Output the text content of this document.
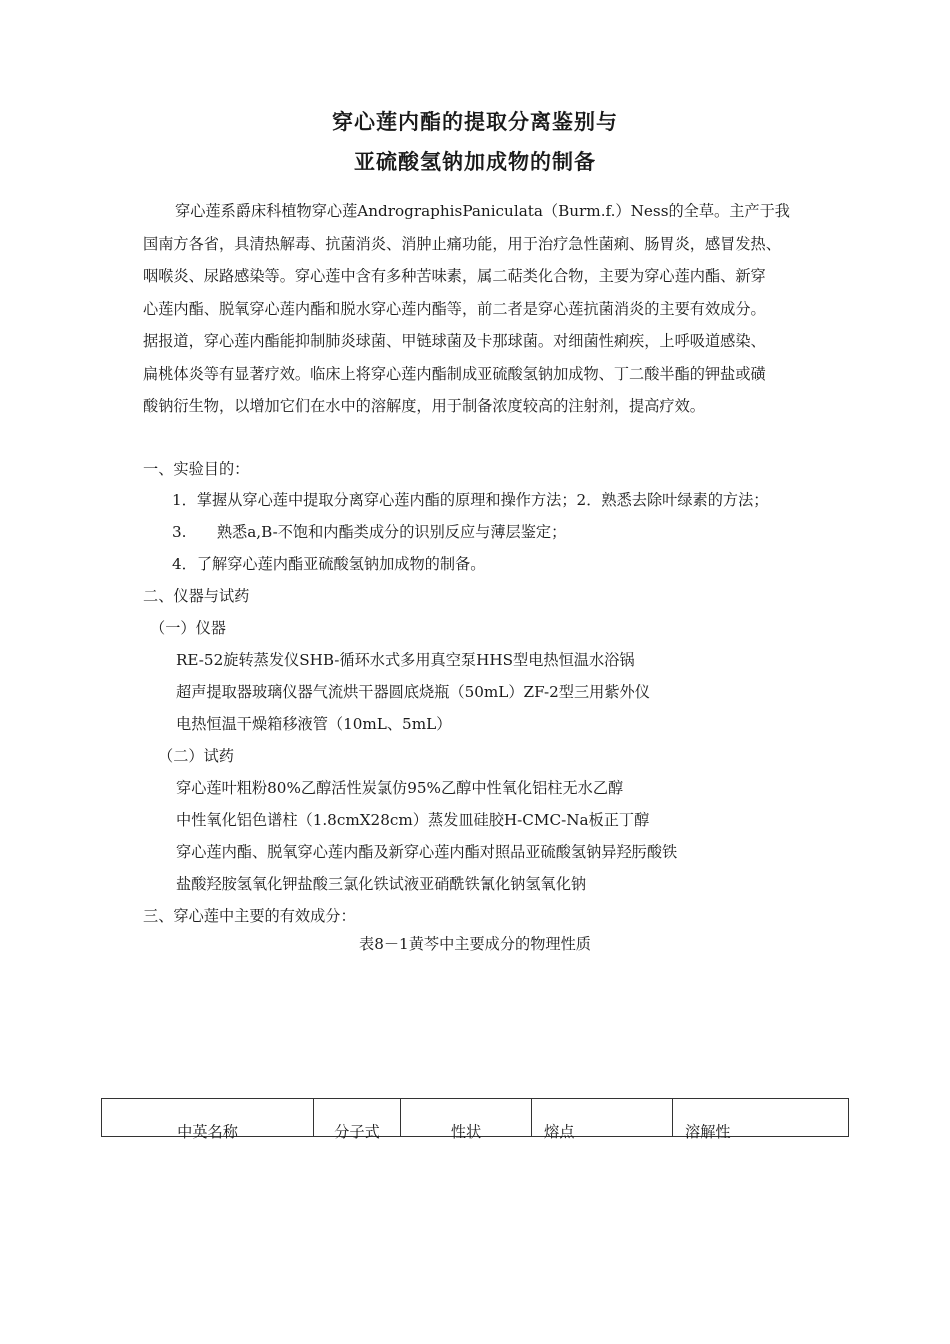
穿心莲内酯的提取分离鉴别与
亚硫酸氢钠加成物的制备

穿心莲系爵床科植物穿心莲AndrographisPaniculata（Burm.f.）Ness的全草。主产于我

国南方各省，具清热解毒、抗菌消炎、消肿止痛功能，用于治疗急性菌痢、肠胃炎，感冒发热、

咽喉炎、尿路感染等。穿心莲中含有多种苦味素，属二萜类化合物，主要为穿心莲内酯、新穿

心莲内酯、脱氧穿心莲内酯和脱水穿心莲内酯等，前二者是穿心莲抗菌消炎的主要有效成分。

据报道，穿心莲内酯能抑制肺炎球菌、甲链球菌及卡那球菌。对细菌性痢疾，上呼吸道感染、

扁桃体炎等有显著疗效。临床上将穿心莲内酯制成亚硫酸氢钠加成物、丁二酸半酯的钾盐或磺

酸钠衍生物，以增加它们在水中的溶解度，用于制备浓度较高的注射剂，提高疗效。

一、实验目的：
1．掌握从穿心莲中提取分离穿心莲内酯的原理和操作方法；2．熟悉去除叶绿素的方法；
3.　　熟悉a,B-不饱和内酯类成分的识别反应与薄层鉴定；
4．了解穿心莲内酯亚硫酸氢钠加成物的制备。
二、仪器与试药
（一）仪器
RE-52旋转蒸发仪SHB-循环水式多用真空泵HHS型电热恒温水浴锅
超声提取器玻璃仪器气流烘干器圆底烧瓶（50mL）ZF-2型三用紫外仪
电热恒温干燥箱移液管（10mL、5mL）
（二）试药
穿心莲叶粗粉80%乙醇活性炭氯仿95%乙醇中性氧化铝柱无水乙醇
中性氧化铝色谱柱（1.8cmX28cm）蒸发皿硅胶H-CMC-Na板正丁醇
穿心莲内酯、脱氧穿心莲内酯及新穿心莲内酯对照品亚硫酸氢钠异羟肟酸铁
盐酸羟胺氢氧化钾盐酸三氯化铁试液亚硝酰铁氰化钠氢氧化钠
三、穿心莲中主要的有效成分：
表8－1黄芩中主要成分的物理性质
中英名称	分子式	性状	熔点	溶解性
